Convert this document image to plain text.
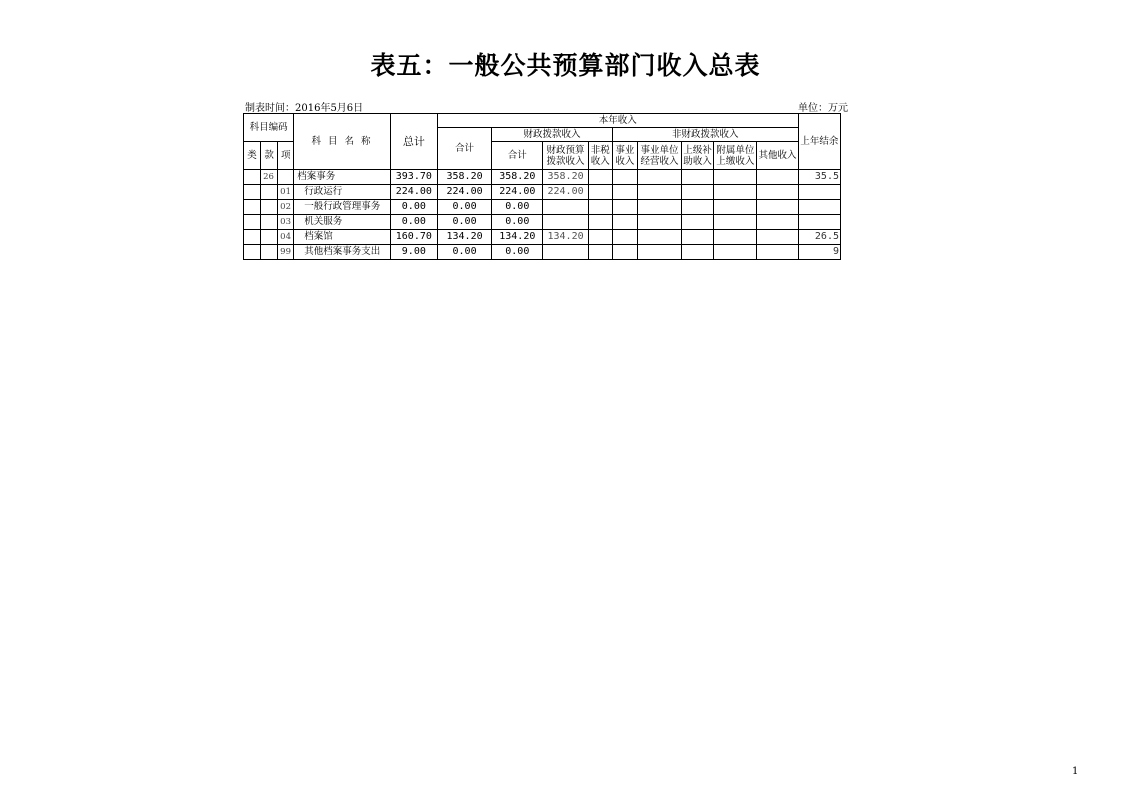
表五：一般公共预算部门收入总表
制表时间：2016年5月6日	单位：万元
科目编码			科 目 名 称	总计	本年收入									上年结余
					合计	财政拨款收入			非财政拨款收入					
类	款	项				合计	财政预算拨款收入	非税收入	事业收入	事业单位经营收入	上级补助收入	附属单位上缴收入	其他收入	
	26		档案事务	393.70	358.20	358.20	358.20							35.5
		01	行政运行	224.00	224.00	224.00	224.00							
		02	一般行政管理事务	0.00	0.00	0.00								
		03	机关服务	0.00	0.00	0.00								
		04	档案馆	160.70	134.20	134.20	134.20							26.5
		99	其他档案事务支出	9.00	0.00	0.00								9
1
